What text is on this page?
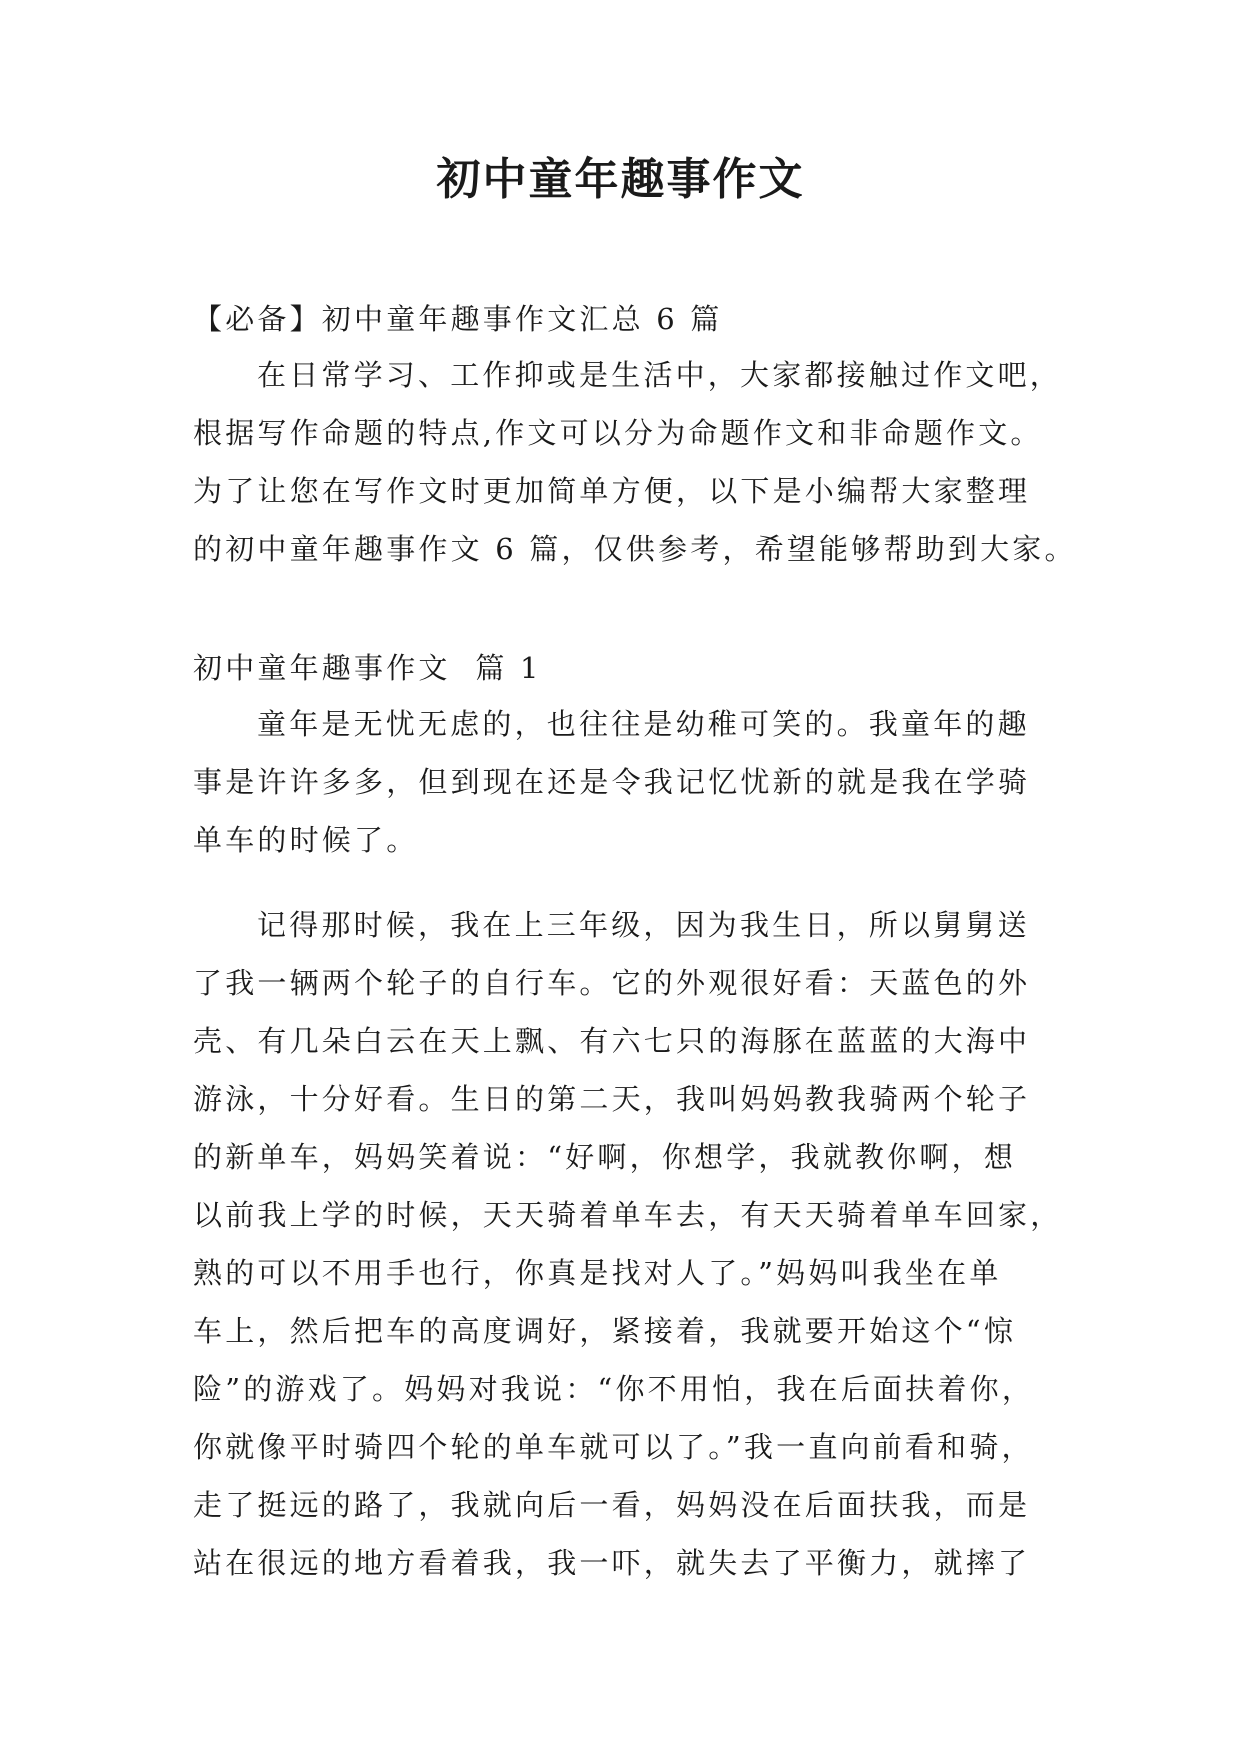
初中童年趣事作文

【必备】初中童年趣事作文汇总 6 篇

在日常学习、工作抑或是生活中，大家都接触过作文吧，
根据写作命题的特点,作文可以分为命题作文和非命题作文。
为了让您在写作文时更加简单方便，以下是小编帮大家整理
的初中童年趣事作文 6 篇，仅供参考，希望能够帮助到大家。

初中童年趣事作文  篇 1

童年是无忧无虑的，也往往是幼稚可笑的。我童年的趣
事是许许多多，但到现在还是令我记忆忧新的就是我在学骑
单车的时候了。
记得那时候，我在上三年级，因为我生日，所以舅舅送
了我一辆两个轮子的自行车。它的外观很好看：天蓝色的外
壳、有几朵白云在天上飘、有六七只的海豚在蓝蓝的大海中
游泳，十分好看。生日的第二天，我叫妈妈教我骑两个轮子
的新单车，妈妈笑着说：“好啊，你想学，我就教你啊，想
以前我上学的时候，天天骑着单车去，有天天骑着单车回家，
熟的可以不用手也行，你真是找对人了。”妈妈叫我坐在单
车上，然后把车的高度调好，紧接着，我就要开始这个“惊
险”的游戏了。妈妈对我说：“你不用怕，我在后面扶着你，
你就像平时骑四个轮的单车就可以了。”我一直向前看和骑，
走了挺远的路了，我就向后一看，妈妈没在后面扶我，而是
站在很远的地方看着我，我一吓，就失去了平衡力，就摔了
